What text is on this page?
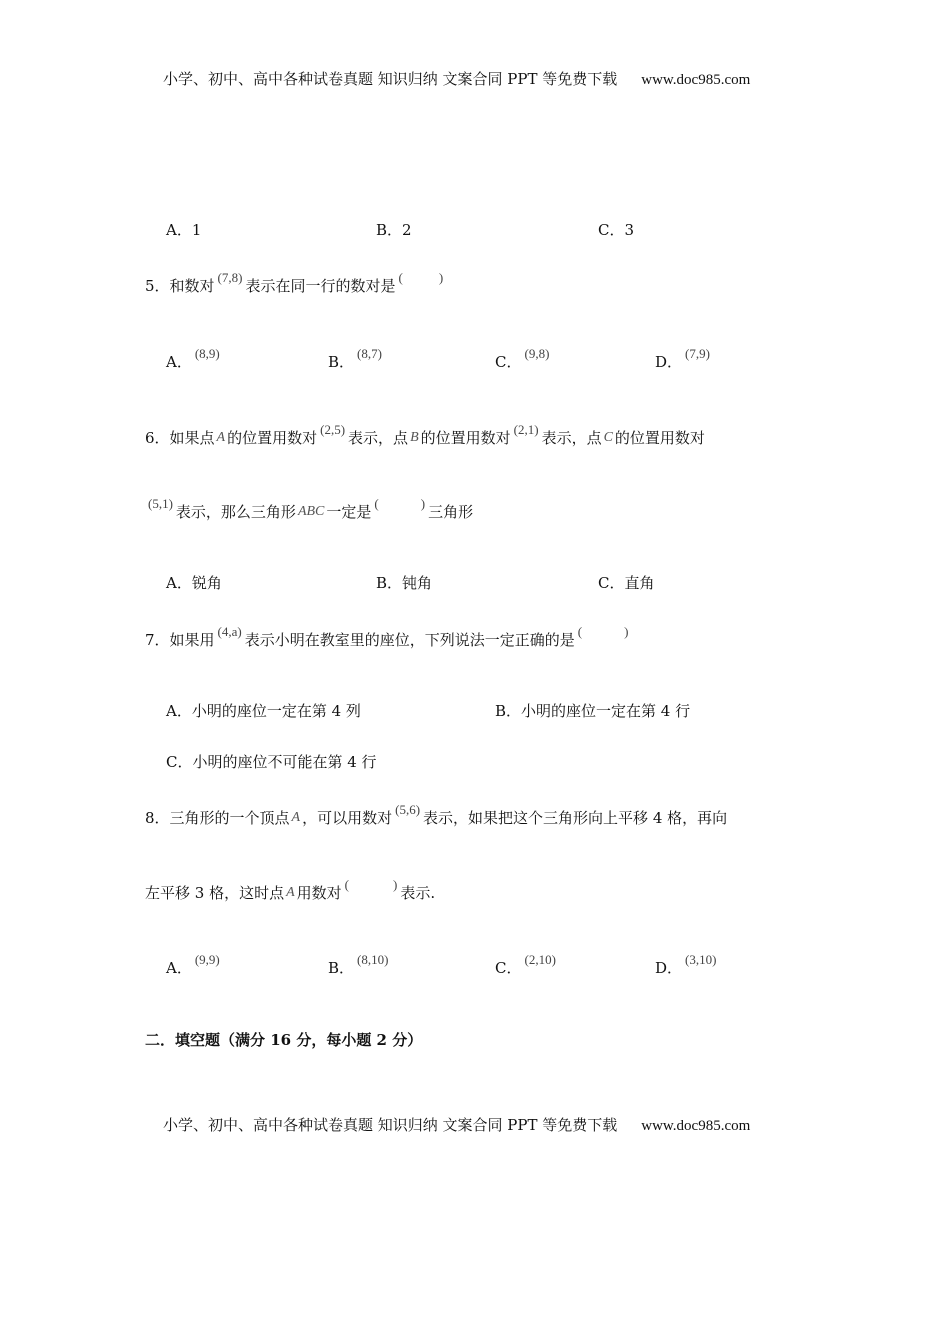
小学、初中、高中各种试卷真题 知识归纳 文案合同 PPT 等免费下载 www.doc985.com
A．1	B．2	C．3
5．和数对 (7,8) 表示在同一行的数对是 (	)
A． (8,9)	B． (8,7)	C． (9,8)	D． (7,9)
6．如果点 A 的位置用数对 (2,5) 表示，点 B 的位置用数对 (2,1) 表示，点 C 的位置用数对
(5,1) 表示，那么三角形 ABC 一定是 (	) 三角形
A．锐角	B．钝角	C．直角
7．如果用 (4,a) 表示小明在教室里的座位，下列说法一定正确的是 (	)
A．小明的座位一定在第 4 列	B．小明的座位一定在第 4 行
C．小明的座位不可能在第 4 行
8．三角形的一个顶点 A ，可以用数对 (5,6) 表示，如果把这个三角形向上平移 4 格，再向
左平移 3 格，这时点 A 用数对 (	) 表示.
A． (9,9)	B． (8,10)	C． (2,10)	D． (3,10)
二．填空题（满分 16 分，每小题 2 分）
小学、初中、高中各种试卷真题 知识归纳 文案合同 PPT 等免费下载 www.doc985.com
